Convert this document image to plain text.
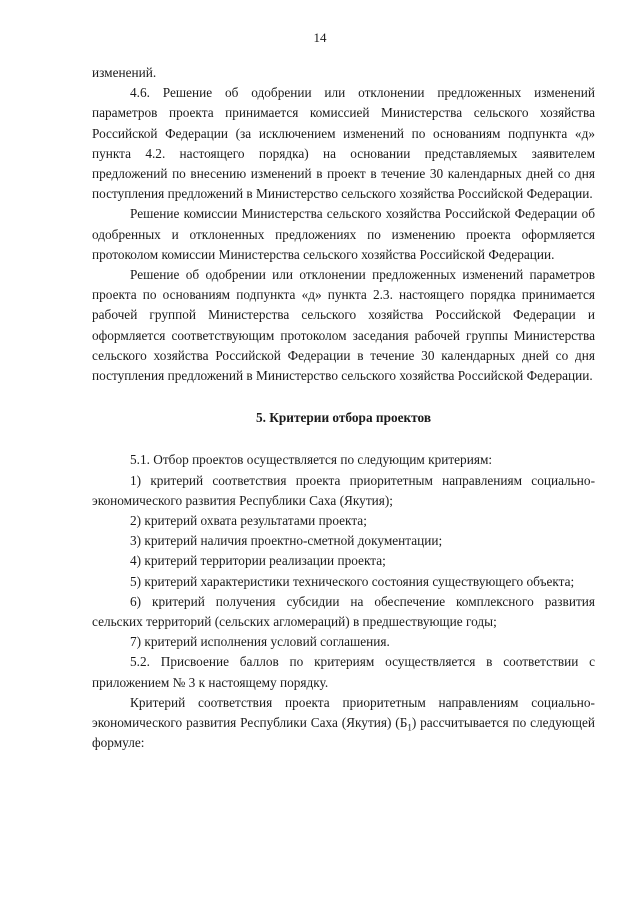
14

изменений.

4.6. Решение об одобрении или отклонении предложенных изменений параметров проекта принимается комиссией Министерства сельского хозяйства Российской Федерации (за исключением изменений по основаниям подпункта «д» пункта 4.2. настоящего порядка) на основании представляемых заявителем предложений по внесению изменений в проект в течение 30 календарных дней со дня поступления предложений в Министерство сельского хозяйства Российской Федерации.

Решение комиссии Министерства сельского хозяйства Российской Федерации об одобренных и отклоненных предложениях по изменению проекта оформляется протоколом комиссии Министерства сельского хозяйства Российской Федерации.

Решение об одобрении или отклонении предложенных изменений параметров проекта по основаниям подпункта «д» пункта 2.3. настоящего порядка принимается рабочей группой Министерства сельского хозяйства Российской Федерации и оформляется соответствующим протоколом заседания рабочей группы Министерства сельского хозяйства Российской Федерации в течение 30 календарных дней со дня поступления предложений в Министерство сельского хозяйства Российской Федерации.

5. Критерии отбора проектов

5.1. Отбор проектов осуществляется по следующим критериям:

1) критерий соответствия проекта приоритетным направлениям социально-экономического развития Республики Саха (Якутия);

2) критерий охвата результатами проекта;

3) критерий наличия проектно-сметной документации;

4) критерий территории реализации проекта;

5) критерий характеристики технического состояния существующего объекта;

6) критерий получения субсидии на обеспечение комплексного развития сельских территорий (сельских агломераций) в предшествующие годы;

7) критерий исполнения условий соглашения.

5.2. Присвоение баллов по критериям осуществляется в соответствии с приложением № 3 к настоящему порядку.

Критерий соответствия проекта приоритетным направлениям социально-экономического развития Республики Саха (Якутия) $(Б_1)$ рассчитывается по следующей формуле:
